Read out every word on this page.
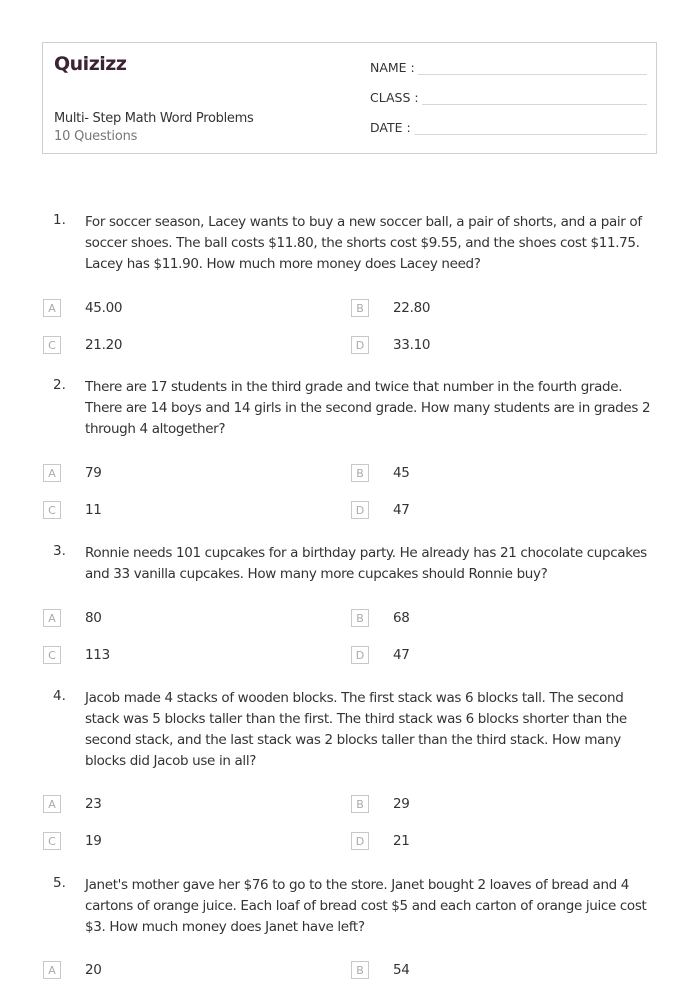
Quizizz
Multi- Step Math Word Problems
10 Questions
NAME :
CLASS :
DATE :
1. For soccer season, Lacey wants to buy a new soccer ball, a pair of shorts, and a pair of soccer shoes. The ball costs $11.80, the shorts cost $9.55, and the shoes cost $11.75. Lacey has $11.90. How much more money does Lacey need?
A	45.00	B	22.80
C	21.20	D	33.10
2. There are 17 students in the third grade and twice that number in the fourth grade. There are 14 boys and 14 girls in the second grade. How many students are in grades 2 through 4 altogether?
A	79	B	45
C	11	D	47
3. Ronnie needs 101 cupcakes for a birthday party. He already has 21 chocolate cupcakes and 33 vanilla cupcakes. How many more cupcakes should Ronnie buy?
A	80	B	68
C	113	D	47
4. Jacob made 4 stacks of wooden blocks. The first stack was 6 blocks tall. The second stack was 5 blocks taller than the first. The third stack was 6 blocks shorter than the second stack, and the last stack was 2 blocks taller than the third stack. How many blocks did Jacob use in all?
A	23	B	29
C	19	D	21
5. Janet's mother gave her $76 to go to the store. Janet bought 2 loaves of bread and 4 cartons of orange juice. Each loaf of bread cost $5 and each carton of orange juice cost $3. How much money does Janet have left?
A	20	B	54
